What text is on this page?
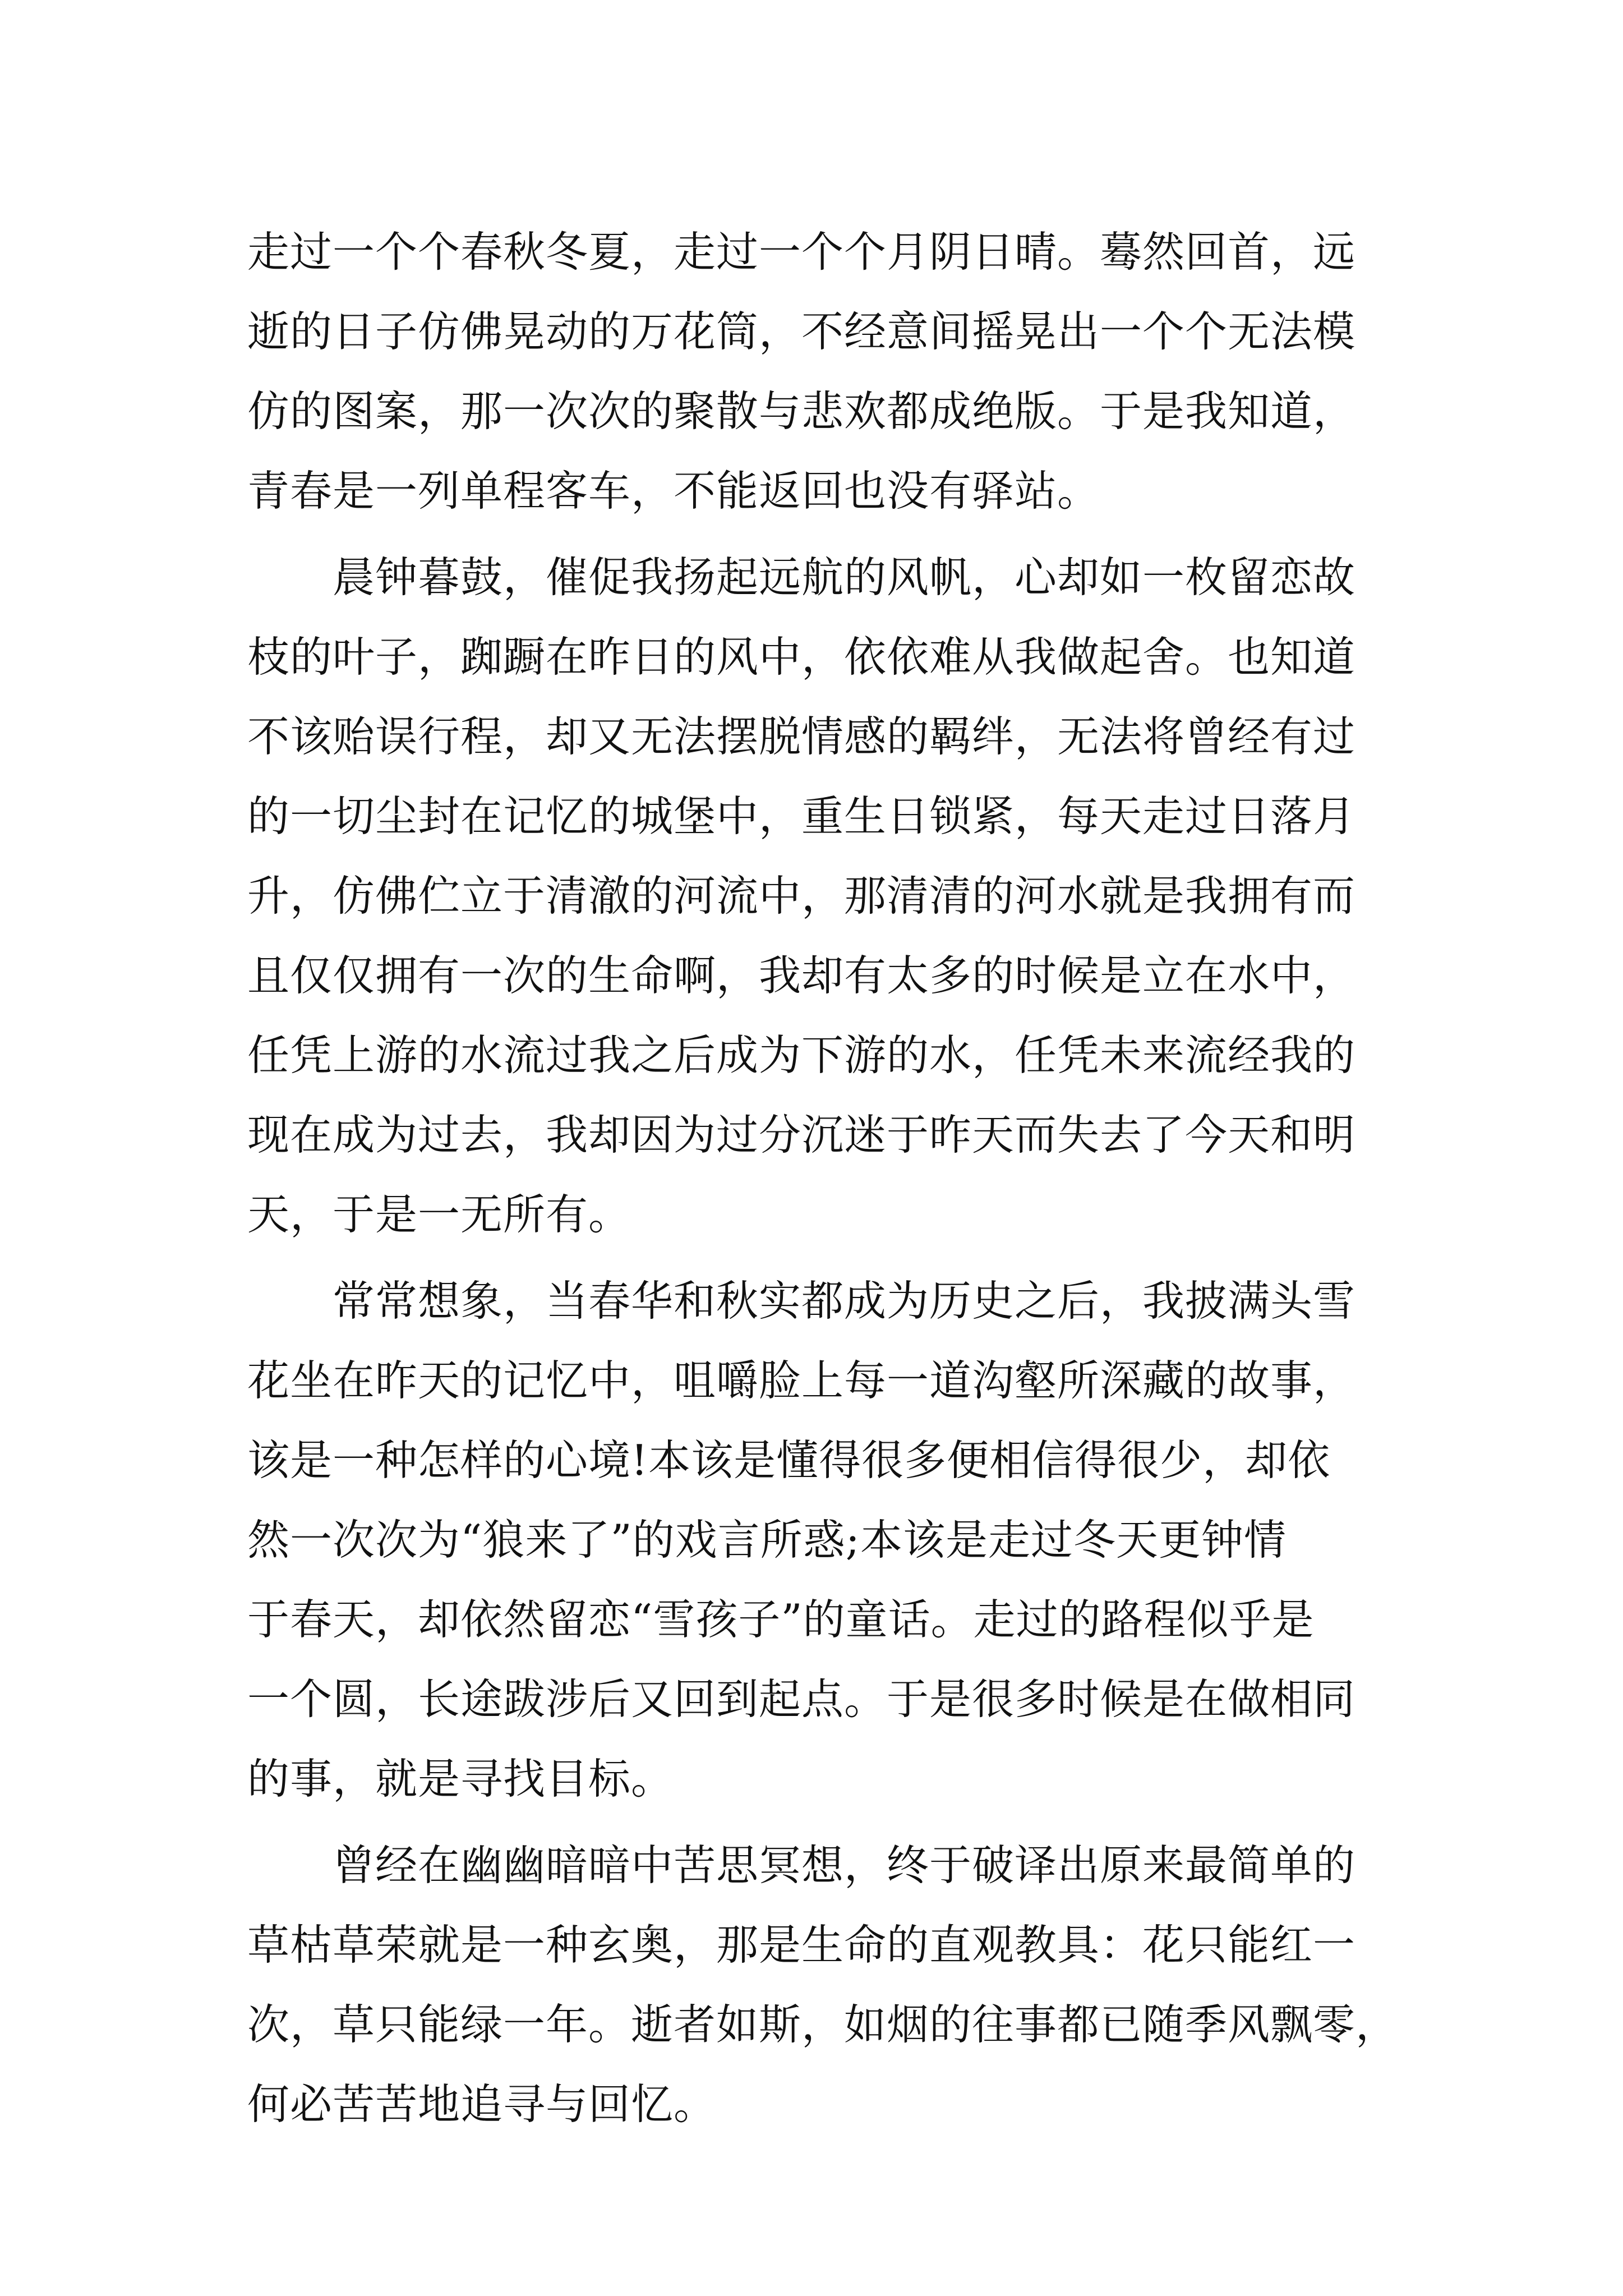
走过一个个春秋冬夏，走过一个个月阴日晴。蓦然回首，远
逝的日子仿佛晃动的万花筒，不经意间摇晃出一个个无法模
仿的图案，那一次次的聚散与悲欢都成绝版。于是我知道，
青春是一列单程客车，不能返回也没有驿站。
　　晨钟暮鼓，催促我扬起远航的风帆，心却如一枚留恋故
枝的叶子，踟蹰在昨日的风中，依依难从我做起舍。也知道
不该贻误行程，却又无法摆脱情感的羁绊，无法将曾经有过
的一切尘封在记忆的城堡中，重生日锁紧，每天走过日落月
升，仿佛伫立于清澈的河流中，那清清的河水就是我拥有而
且仅仅拥有一次的生命啊，我却有太多的时候是立在水中，
任凭上游的水流过我之后成为下游的水，任凭未来流经我的
现在成为过去，我却因为过分沉迷于昨天而失去了今天和明
天，于是一无所有。
　　常常想象，当春华和秋实都成为历史之后，我披满头雪
花坐在昨天的记忆中，咀嚼脸上每一道沟壑所深藏的故事，
该是一种怎样的心境!本该是懂得很多便相信得很少，却依
然一次次为“狼来了”的戏言所惑;本该是走过冬天更钟情
于春天，却依然留恋“雪孩子”的童话。走过的路程似乎是
一个圆，长途跋涉后又回到起点。于是很多时候是在做相同
的事，就是寻找目标。
　　曾经在幽幽暗暗中苦思冥想，终于破译出原来最简单的
草枯草荣就是一种玄奥，那是生命的直观教具：花只能红一
次，草只能绿一年。逝者如斯，如烟的往事都已随季风飘零，
何必苦苦地追寻与回忆。
